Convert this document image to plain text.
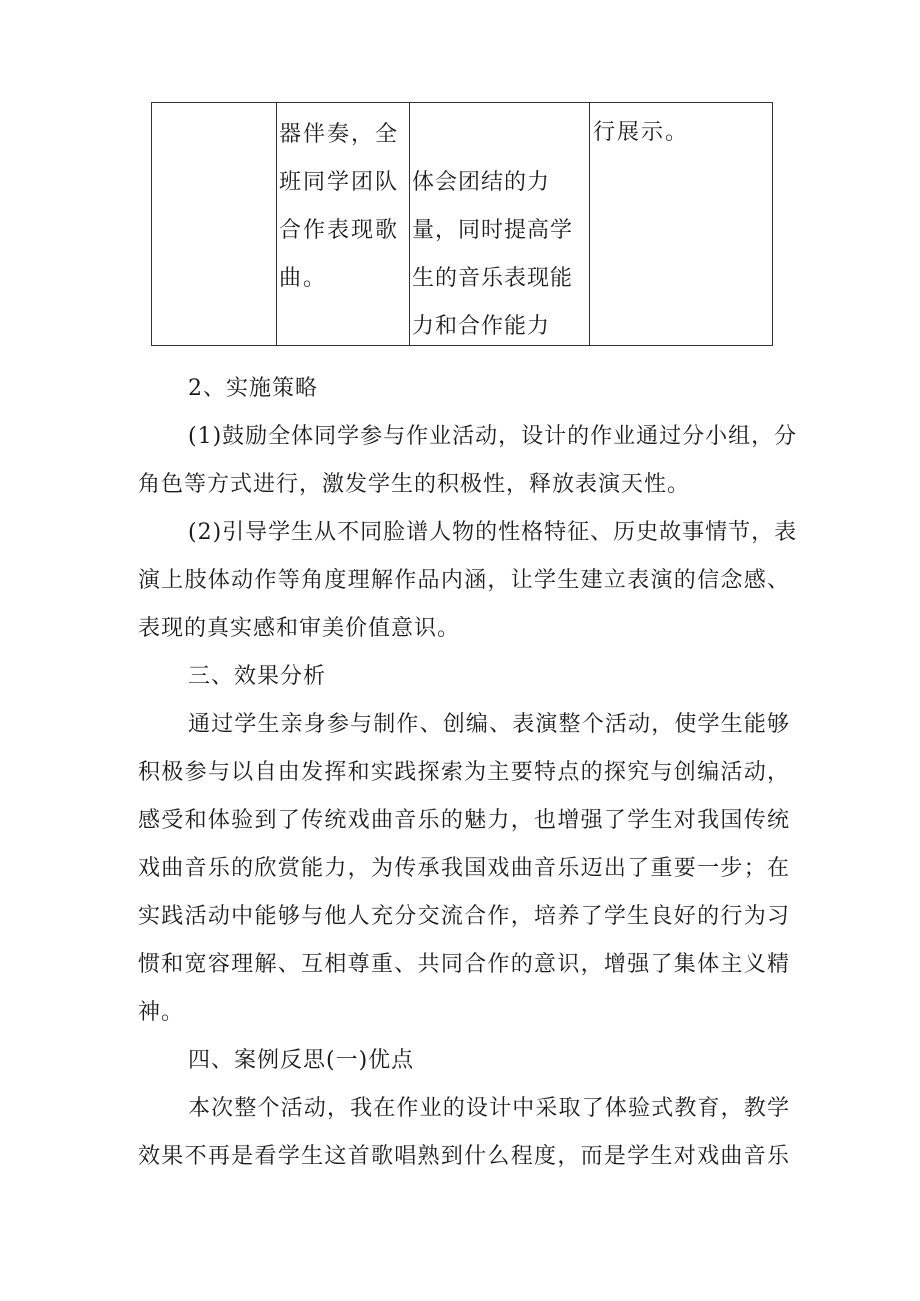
器伴奏，全
班同学团队
合作表现歌
曲。
体会团结的力
量，同时提高学
生的音乐表现能
力和合作能力
行展示。
2、实施策略
(1)鼓励全体同学参与作业活动，设计的作业通过分小组，分
角色等方式进行，激发学生的积极性，释放表演天性。
(2)引导学生从不同脸谱人物的性格特征、历史故事情节，表
演上肢体动作等角度理解作品内涵，让学生建立表演的信念感、
表现的真实感和审美价值意识。
三、效果分析
通过学生亲身参与制作、创编、表演整个活动，使学生能够
积极参与以自由发挥和实践探索为主要特点的探究与创编活动，
感受和体验到了传统戏曲音乐的魅力，也增强了学生对我国传统
戏曲音乐的欣赏能力，为传承我国戏曲音乐迈出了重要一步；在
实践活动中能够与他人充分交流合作，培养了学生良好的行为习
惯和宽容理解、互相尊重、共同合作的意识，增强了集体主义精
神。
四、案例反思(一)优点
本次整个活动，我在作业的设计中采取了体验式教育，教学
效果不再是看学生这首歌唱熟到什么程度，而是学生对戏曲音乐
